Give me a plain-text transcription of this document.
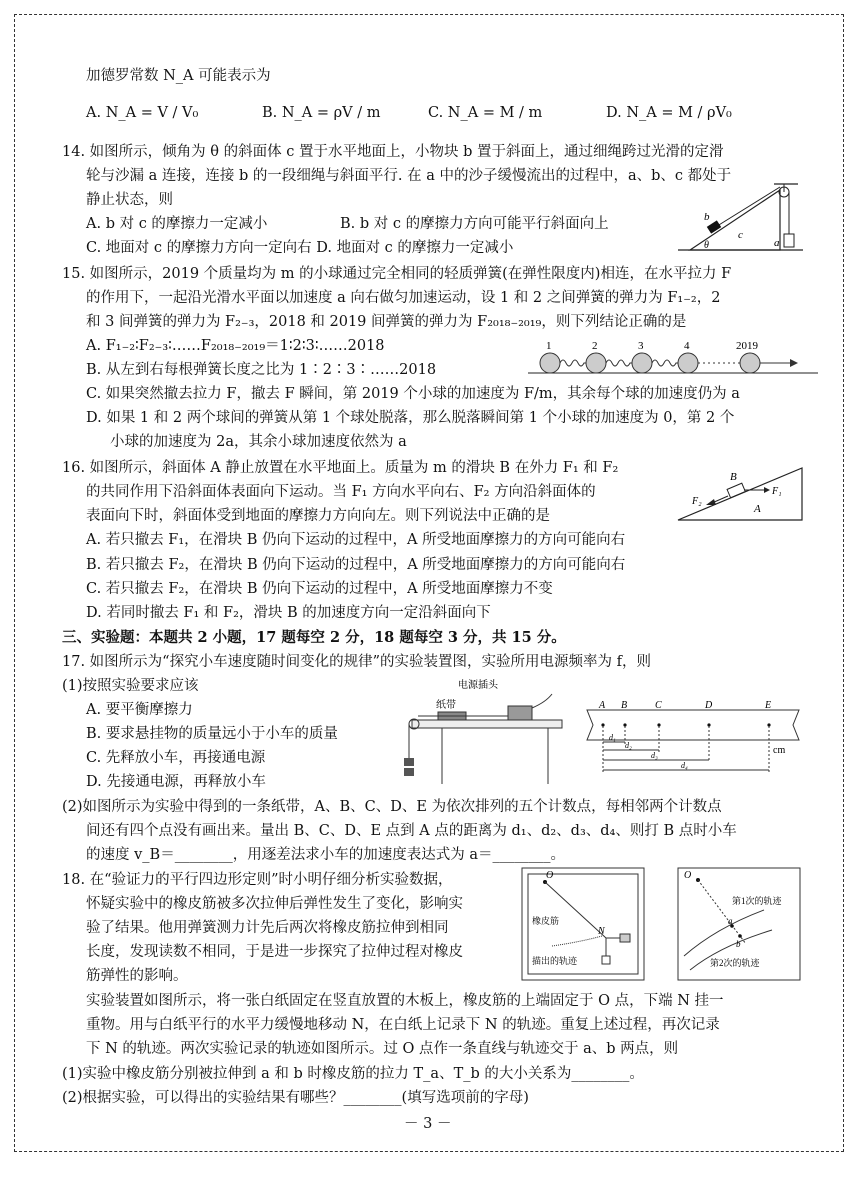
加德罗常数 N_A 可能表示为
A. N_A = V / V₀	B. N_A = ρV / m	C. N_A = M / m	D. N_A = M / ρV₀
14. 如图所示，倾角为 θ 的斜面体 c 置于水平地面上，小物块 b 置于斜面上，通过细绳跨过光滑的定滑
轮与沙漏 a 连接，连接 b 的一段细绳与斜面平行. 在 a 中的沙子缓慢流出的过程中，a、b、c 都处于
静止状态，则
A. b 对 c 的摩擦力一定减小	B. b 对 c 的摩擦力方向可能平行斜面向上
C. 地面对 c 的摩擦力方向一定向右 D. 地面对 c 的摩擦力一定减小
15. 如图所示，2019 个质量均为 m 的小球通过完全相同的轻质弹簧(在弹性限度内)相连，在水平拉力 F
的作用下，一起沿光滑水平面以加速度 a 向右做匀加速运动，设 1 和 2 之间弹簧的弹力为 F₁₋₂，2
和 3 间弹簧的弹力为 F₂₋₃，2018 和 2019 间弹簧的弹力为 F₂₀₁₈₋₂₀₁₉，则下列结论正确的是
A. F₁₋₂∶F₂₋₃∶……F₂₀₁₈₋₂₀₁₉＝1∶2∶3∶……2018
B. 从左到右每根弹簧长度之比为 1∶2∶3∶……2018
C. 如果突然撤去拉力 F，撤去 F 瞬间，第 2019 个小球的加速度为 F/m，其余每个球的加速度仍为 a
D. 如果 1 和 2 两个球间的弹簧从第 1 个球处脱落，那么脱落瞬间第 1 个小球的加速度为 0，第 2 个
小球的加速度为 2a，其余小球加速度依然为 a
16. 如图所示，斜面体 A 静止放置在水平地面上。质量为 m 的滑块 B 在外力 F₁ 和 F₂
的共同作用下沿斜面体表面向下运动。当 F₁ 方向水平向右、F₂ 方向沿斜面体的
表面向下时，斜面体受到地面的摩擦力方向向左。则下列说法中正确的是
A. 若只撤去 F₁，在滑块 B 仍向下运动的过程中，A 所受地面摩擦力的方向可能向右
B. 若只撤去 F₂，在滑块 B 仍向下运动的过程中，A 所受地面摩擦力的方向可能向右
C. 若只撤去 F₂，在滑块 B 仍向下运动的过程中，A 所受地面摩擦力不变
D. 若同时撤去 F₁ 和 F₂，滑块 B 的加速度方向一定沿斜面向下
三、实验题：本题共 2 小题，17 题每空 2 分，18 题每空 3 分，共 15 分。
17. 如图所示为“探究小车速度随时间变化的规律”的实验装置图，实验所用电源频率为 f，则
(1)按照实验要求应该
A. 要平衡摩擦力
B. 要求悬挂物的质量远小于小车的质量
C. 先释放小车，再接通电源
D. 先接通电源，再释放小车
(2)如图所示为实验中得到的一条纸带，A、B、C、D、E 为依次排列的五个计数点，每相邻两个计数点
间还有四个点没有画出来。量出 B、C、D、E 点到 A 点的距离为 d₁、d₂、d₃、d₄、则打 B 点时小车
的速度 v_B＝________，用逐差法求小车的加速度表达式为 a＝________。
18. 在“验证力的平行四边形定则”时小明仔细分析实验数据，
怀疑实验中的橡皮筋被多次拉伸后弹性发生了变化，影响实
验了结果。他用弹簧测力计先后两次将橡皮筋拉伸到相同
长度，发现读数不相同，于是进一步探究了拉伸过程对橡皮
筋弹性的影响。
实验装置如图所示，将一张白纸固定在竖直放置的木板上，橡皮筋的上端固定于 O 点，下端 N 挂一
重物。用与白纸平行的水平力缓慢地移动 N，在白纸上记录下 N 的轨迹。重复上述过程，再次记录
下 N 的轨迹。两次实验记录的轨迹如图所示。过 O 点作一条直线与轨迹交于 a、b 两点，则
(1)实验中橡皮筋分别被拉伸到 a 和 b 时橡皮筋的拉力 T_a、T_b 的大小关系为________。
(2)根据实验，可以得出的实验结果有哪些？________(填写选项前的字母)
－ 3 －
b
c
a
θ
1	2	3	4	2019
B
F₁
F₂
A
电源插头
纸带	A B	C	D	E
cm
d₁
d₂
d₃
d₄
O
N
橡皮筋
描出的轨迹
O
a
b
第1次的轨迹
第2次的轨迹
